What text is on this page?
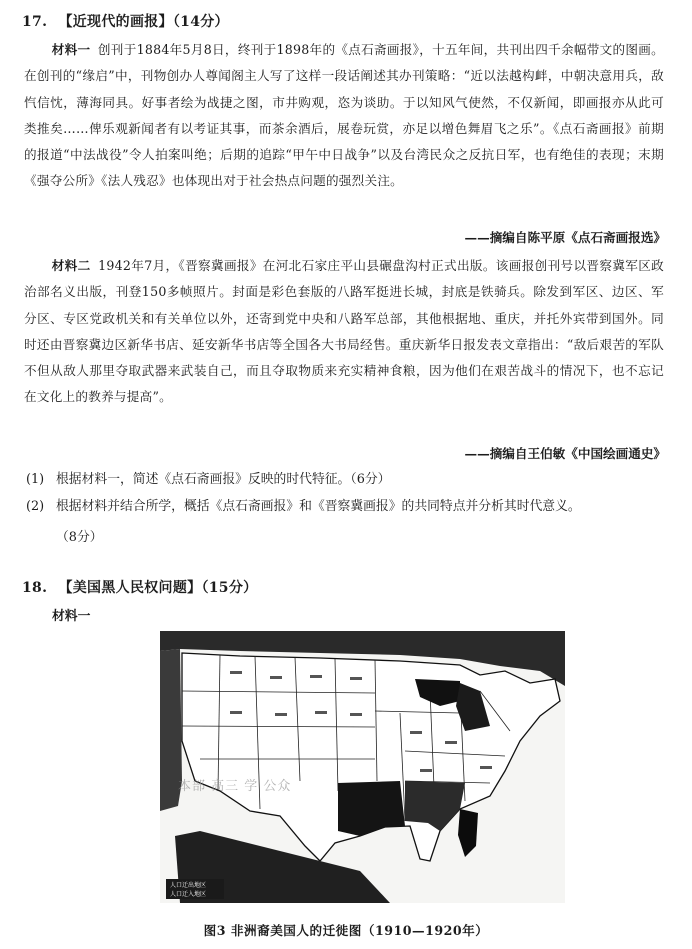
17. 【近现代的画报】（14分）
材料一 创刊于1884年5月8日，终刊于1898年的《点石斋画报》，十五年间，共刊出四千余幅带文的图画。在创刊的“缘启”中，刊物创办人尊闻阁主人写了这样一段话阐述其办刊策略：“近以法越构衅，中朝决意用兵，敌忾信忱，薄海同具。好事者绘为战捷之图，市井购观，恣为谈助。于以知风气使然，不仅新闻，即画报亦从此可类推矣……俾乐观新闻者有以考证其事，而茶余酒后，展卷玩赏，亦足以增色舞眉飞之乐”。《点石斋画报》前期的报道“中法战役”令人拍案叫绝；后期的追踪“甲午中日战争”以及台湾民众之反抗日军，也有绝佳的表现；末期《强夺公所》《法人残忍》也体现出对于社会热点问题的强烈关注。
——摘编自陈平原《点石斋画报选》
材料二 1942年7月，《晋察冀画报》在河北石家庄平山县碾盘沟村正式出版。该画报创刊号以晋察冀军区政治部名义出版，刊登150多帧照片。封面是彩色套版的八路军挺进长城，封底是铁骑兵。除发到军区、边区、军分区、专区党政机关和有关单位以外，还寄到党中央和八路军总部，其他根据地、重庆，并托外宾带到国外。同时还由晋察冀边区新华书店、延安新华书店等全国各大书局经售。重庆新华日报发表文章指出：“敌后艰苦的军队不但从敌人那里夺取武器来武装自己，而且夺取物质来充实精神食粮，因为他们在艰苦战斗的情况下，也不忘记在文化上的教养与提高”。
——摘编自王伯敏《中国绘画通史》
(1) 根据材料一，简述《点石斋画报》反映的时代特征。（6分）
(2) 根据材料并结合所学，概括《点石斋画报》和《晋察冀画报》的共同特点并分析其时代意义。
（8分）
18. 【美国黑人民权问题】（15分）
材料一
人口迁出地区
人口迁入地区
本部 高三 学 公众
图3 非洲裔美国人的迁徙图（1910—1920年）
